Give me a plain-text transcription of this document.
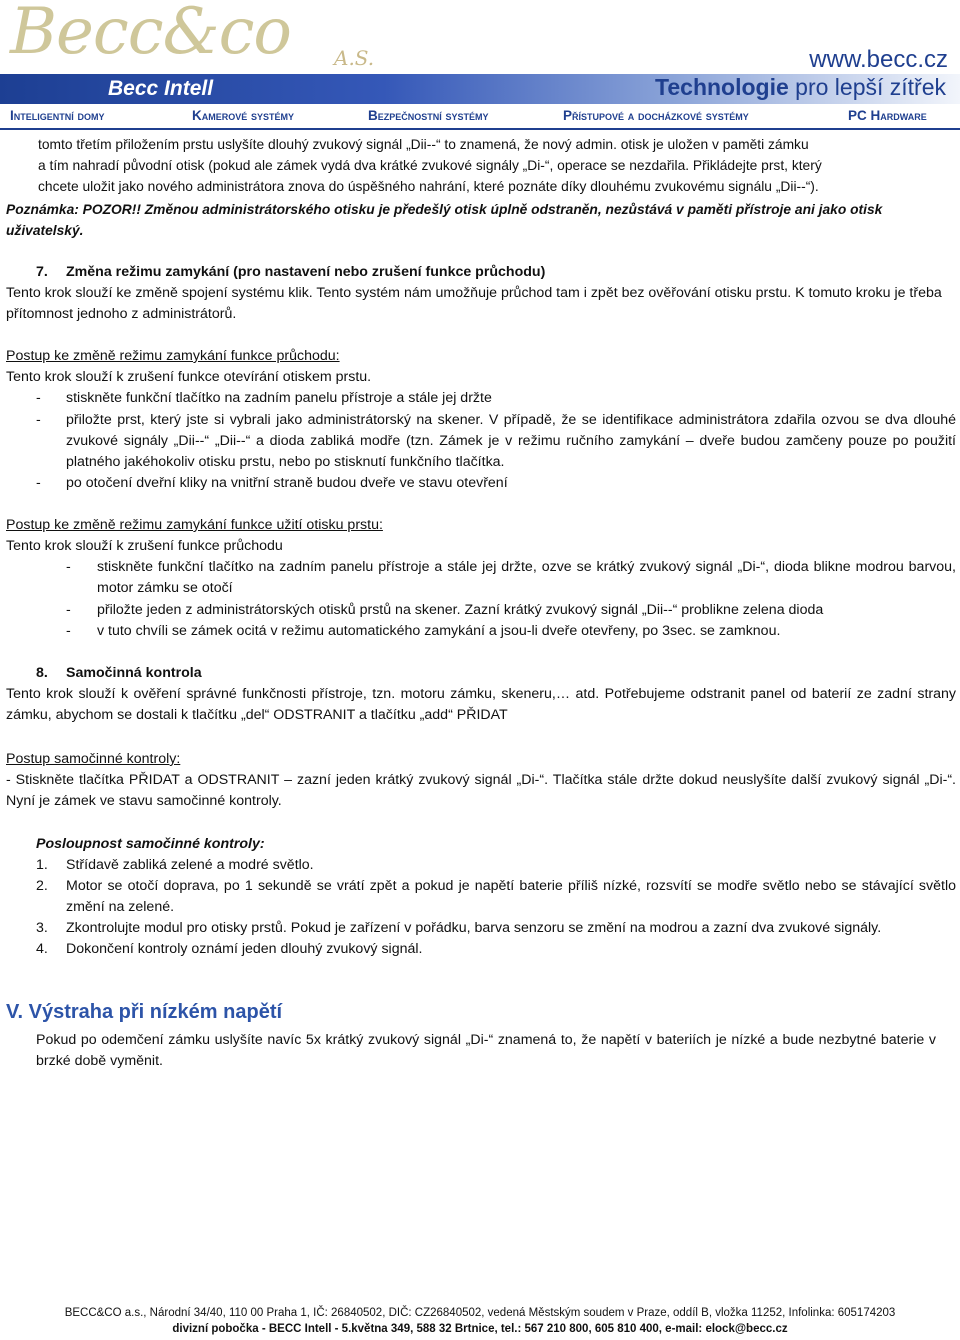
Becc&co A.S.
Becc Intell
www.becc.cz
Technologie pro lepší zítřek
Inteligentní domy	Kamerové systémy	Bezpečnostní systémy	Přístupové a docházkové systémy	PC Hardware
tomto třetím přiložením prstu uslyšíte dlouhý zvukový signál „Dii--“ to znamená, že nový admin. otisk je uložen v paměti zámku
a tím nahradí původní otisk (pokud ale zámek vydá dva krátké zvukové signály „Di-“, operace se nezdařila. Přikládejte prst, který
chcete uložit jako nového administrátora znova do úspěšného nahrání, které poznáte díky dlouhému zvukovému signálu „Dii--“).
Poznámka: POZOR!! Změnou administrátorského otisku je předešlý otisk úplně odstraněn, nezůstává v paměti přístroje ani jako otisk
uživatelský.
7. Změna režimu zamykání (pro nastavení nebo zrušení funkce průchodu)
Tento krok slouží ke změně spojení systému klik. Tento systém nám umožňuje průchod tam i zpět bez ověřování otisku prstu. K tomuto kroku je třeba přítomnost jednoho z administrátorů.
Postup ke změně režimu zamykání funkce průchodu:
Tento krok slouží k zrušení funkce otevírání otiskem prstu.
- stiskněte funkční tlačítko na zadním panelu přístroje a stále jej držte
- přiložte prst, který jste si vybrali jako administrátorský na skener. V případě, že se identifikace administrátora zdařila ozvou se dva dlouhé zvukové signály „Dii--“ „Dii--“ a dioda zabliká modře (tzn. Zámek je v režimu ručního zamykání – dveře budou zamčeny pouze po použití platného jakéhokoliv otisku prstu, nebo po stisknutí funkčního tlačítka.
- po otočení dveřní kliky na vnitřní straně budou dveře ve stavu otevření
Postup ke změně režimu zamykání funkce užití otisku prstu:
Tento krok slouží k zrušení funkce průchodu
- stiskněte funkční tlačítko na zadním panelu přístroje a stále jej držte, ozve se krátký zvukový signál „Di-“, dioda blikne modrou barvou, motor zámku se otočí
- přiložte jeden z administrátorských otisků prstů na skener. Zazní krátký zvukový signál „Dii--“ problikne zelena dioda
- v tuto chvíli se zámek ocitá v režimu automatického zamykání a jsou-li dveře otevřeny, po 3sec. se zamknou.
8. Samočinná kontrola
Tento krok slouží k ověření správné funkčnosti přístroje, tzn. motoru zámku, skeneru,… atd. Potřebujeme odstranit panel od baterií ze zadní strany zámku, abychom se dostali k tlačítku „del“ ODSTRANIT a tlačítku „add“ PŘIDAT
Postup samočinné kontroly:
- Stiskněte tlačítka PŘIDAT a ODSTRANIT – zazní jeden krátký zvukový signál „Di-“. Tlačítka stále držte dokud neuslyšíte další zvukový signál „Di-“. Nyní je zámek ve stavu samočinné kontroly.
Posloupnost samočinné kontroly:
1. Střídavě zabliká zelené a modré světlo.
2. Motor se otočí doprava, po 1 sekundě se vrátí zpět a pokud je napětí baterie příliš nízké, rozsvítí se modře světlo nebo se stávající světlo změní na zelené.
3. Zkontrolujte modul pro otisky prstů. Pokud je zařízení v pořádku, barva senzoru se změní na modrou a zazní dva zvukové signály.
4. Dokončení kontroly oznámí jeden dlouhý zvukový signál.
V. Výstraha při nízkém napětí
Pokud po odemčení zámku uslyšíte navíc 5x krátký zvukový signál „Di-“ znamená to, že napětí v bateriích je nízké a bude nezbytné baterie v brzké době vyměnit.
BECC&CO a.s., Národní 34/40, 110 00 Praha 1, IČ: 26840502, DIČ: CZ26840502, vedená Městským soudem v Praze, oddíl B, vložka 11252, Infolinka: 605174203
divizní pobočka - BECC Intell - 5.května 349, 588 32 Brtnice, tel.: 567 210 800, 605 810 400, e-mail: elock@becc.cz
